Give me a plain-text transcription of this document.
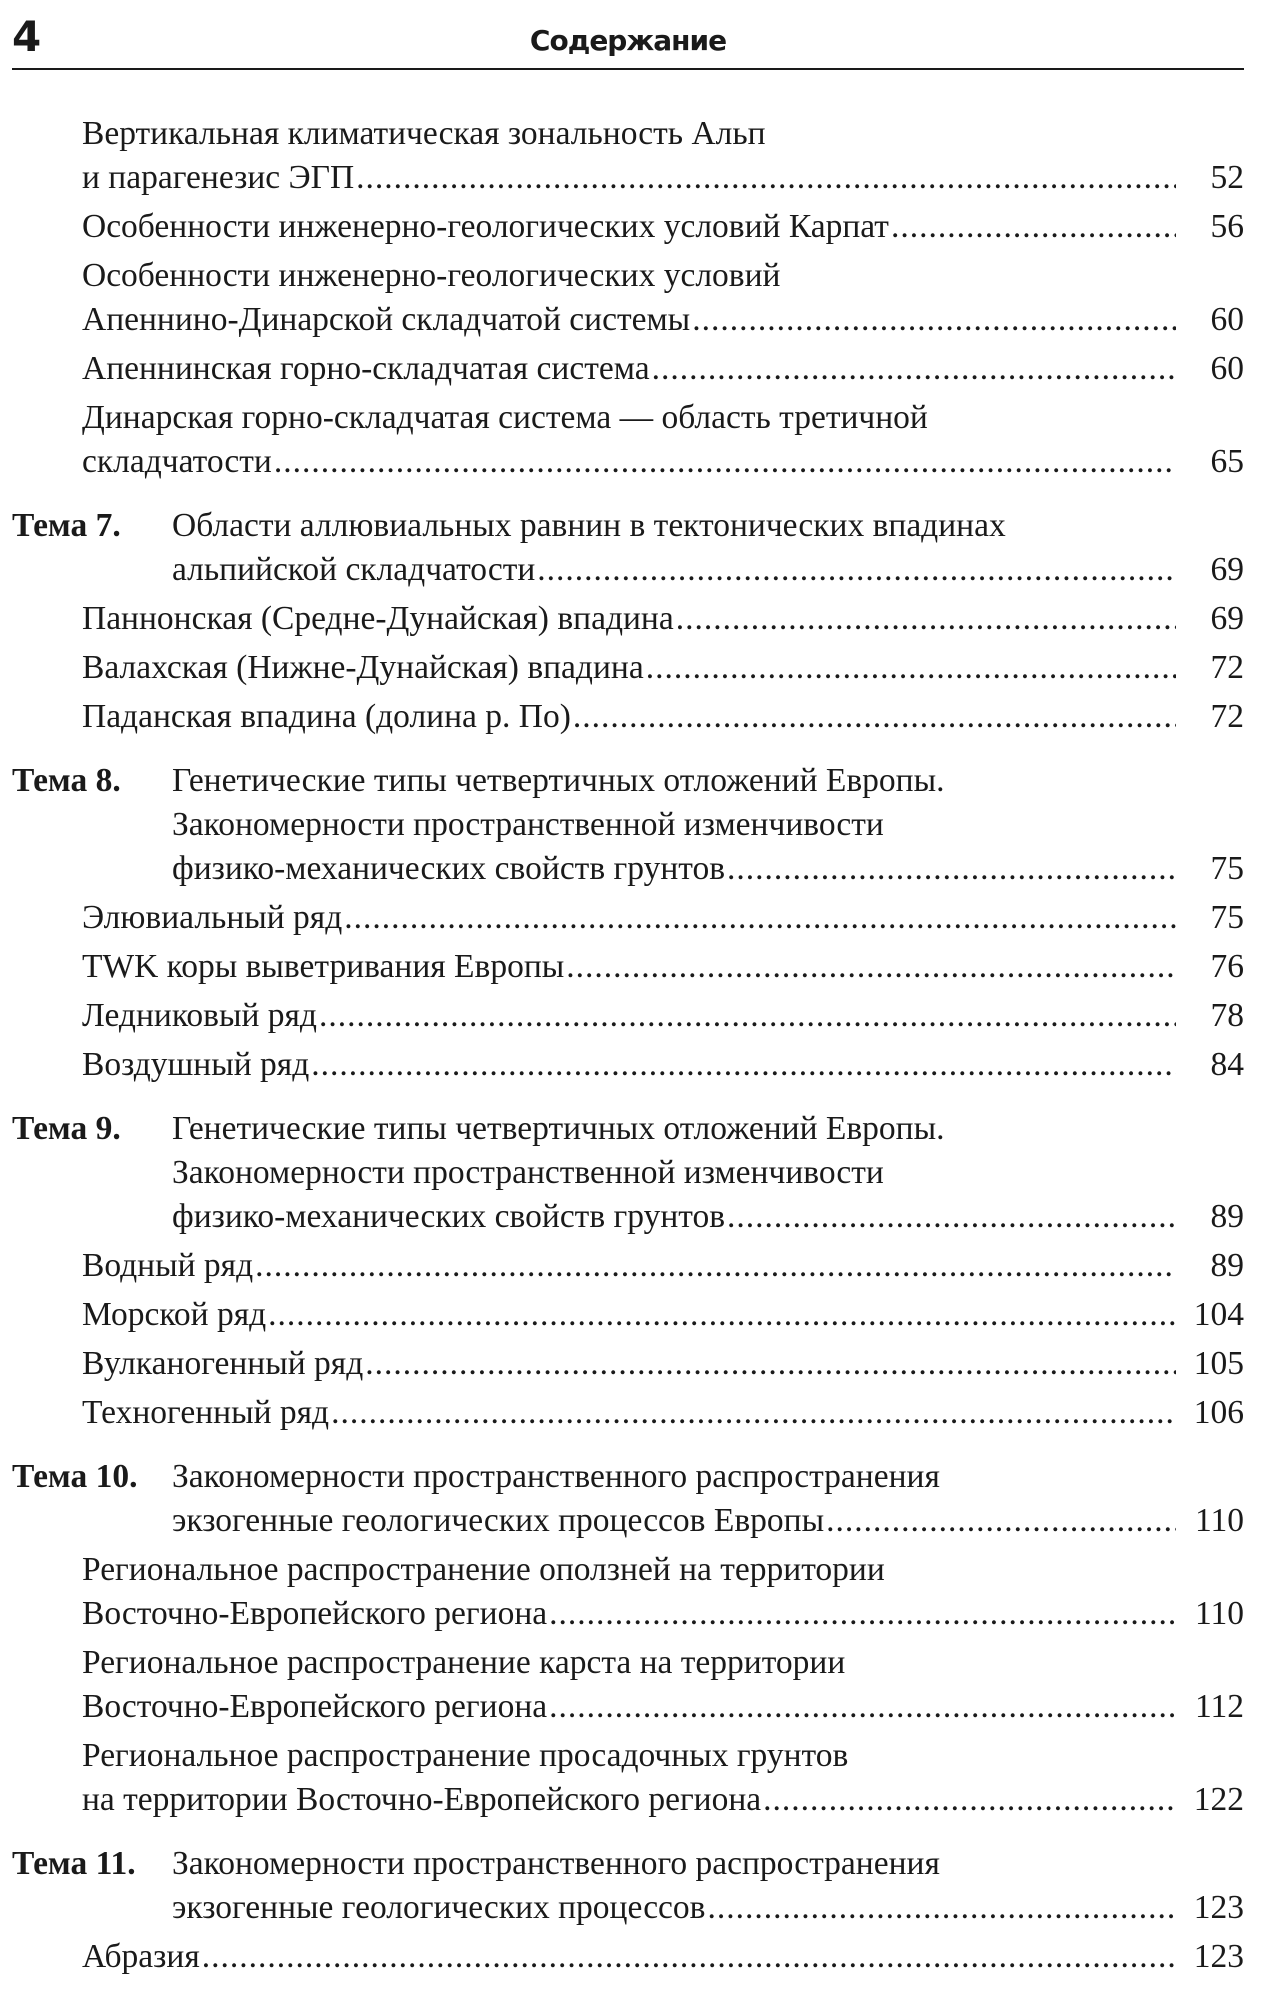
4	Содержание
Вертикальная климатическая зональность Альп
и парагенезис ЭГП .....	52
Особенности инженерно-геологических условий Карпат .....	56
Особенности инженерно-геологических условий
Апеннино-Динарской складчатой системы .....	60
Апеннинская горно-складчатая система .....	60
Динарская горно-складчатая система — область третичной
складчатости .....	65
Тема 7.	Области аллювиальных равнин в тектонических впадинах
альпийской складчатости .....	69
Паннонская (Средне-Дунайская) впадина .....	69
Валахская (Нижне-Дунайская) впадина .....	72
Паданская впадина (долина р. По) .....	72
Тема 8.	Генетические типы четвертичных отложений Европы.
Закономерности пространственной изменчивости
физико-механических свойств грунтов .....	75
Элювиальный ряд .....	75
TWK коры выветривания Европы .....	76
Ледниковый ряд .....	78
Воздушный ряд .....	84
Тема 9.	Генетические типы четвертичных отложений Европы.
Закономерности пространственной изменчивости
физико-механических свойств грунтов .....	89
Водный ряд .....	89
Морской ряд .....	104
Вулканогенный ряд .....	105
Техногенный ряд .....	106
Тема 10.	Закономерности пространственного распространения
экзогенные геологических процессов Европы .....	110
Региональное распространение оползней на территории
Восточно-Европейского региона .....	110
Региональное распространение карста на территории
Восточно-Европейского региона .....	112
Региональное распространение просадочных грунтов
на территории Восточно-Европейского региона .....	122
Тема 11.	Закономерности пространственного распространения
экзогенные геологических процессов .....	123
Абразия .....	123
